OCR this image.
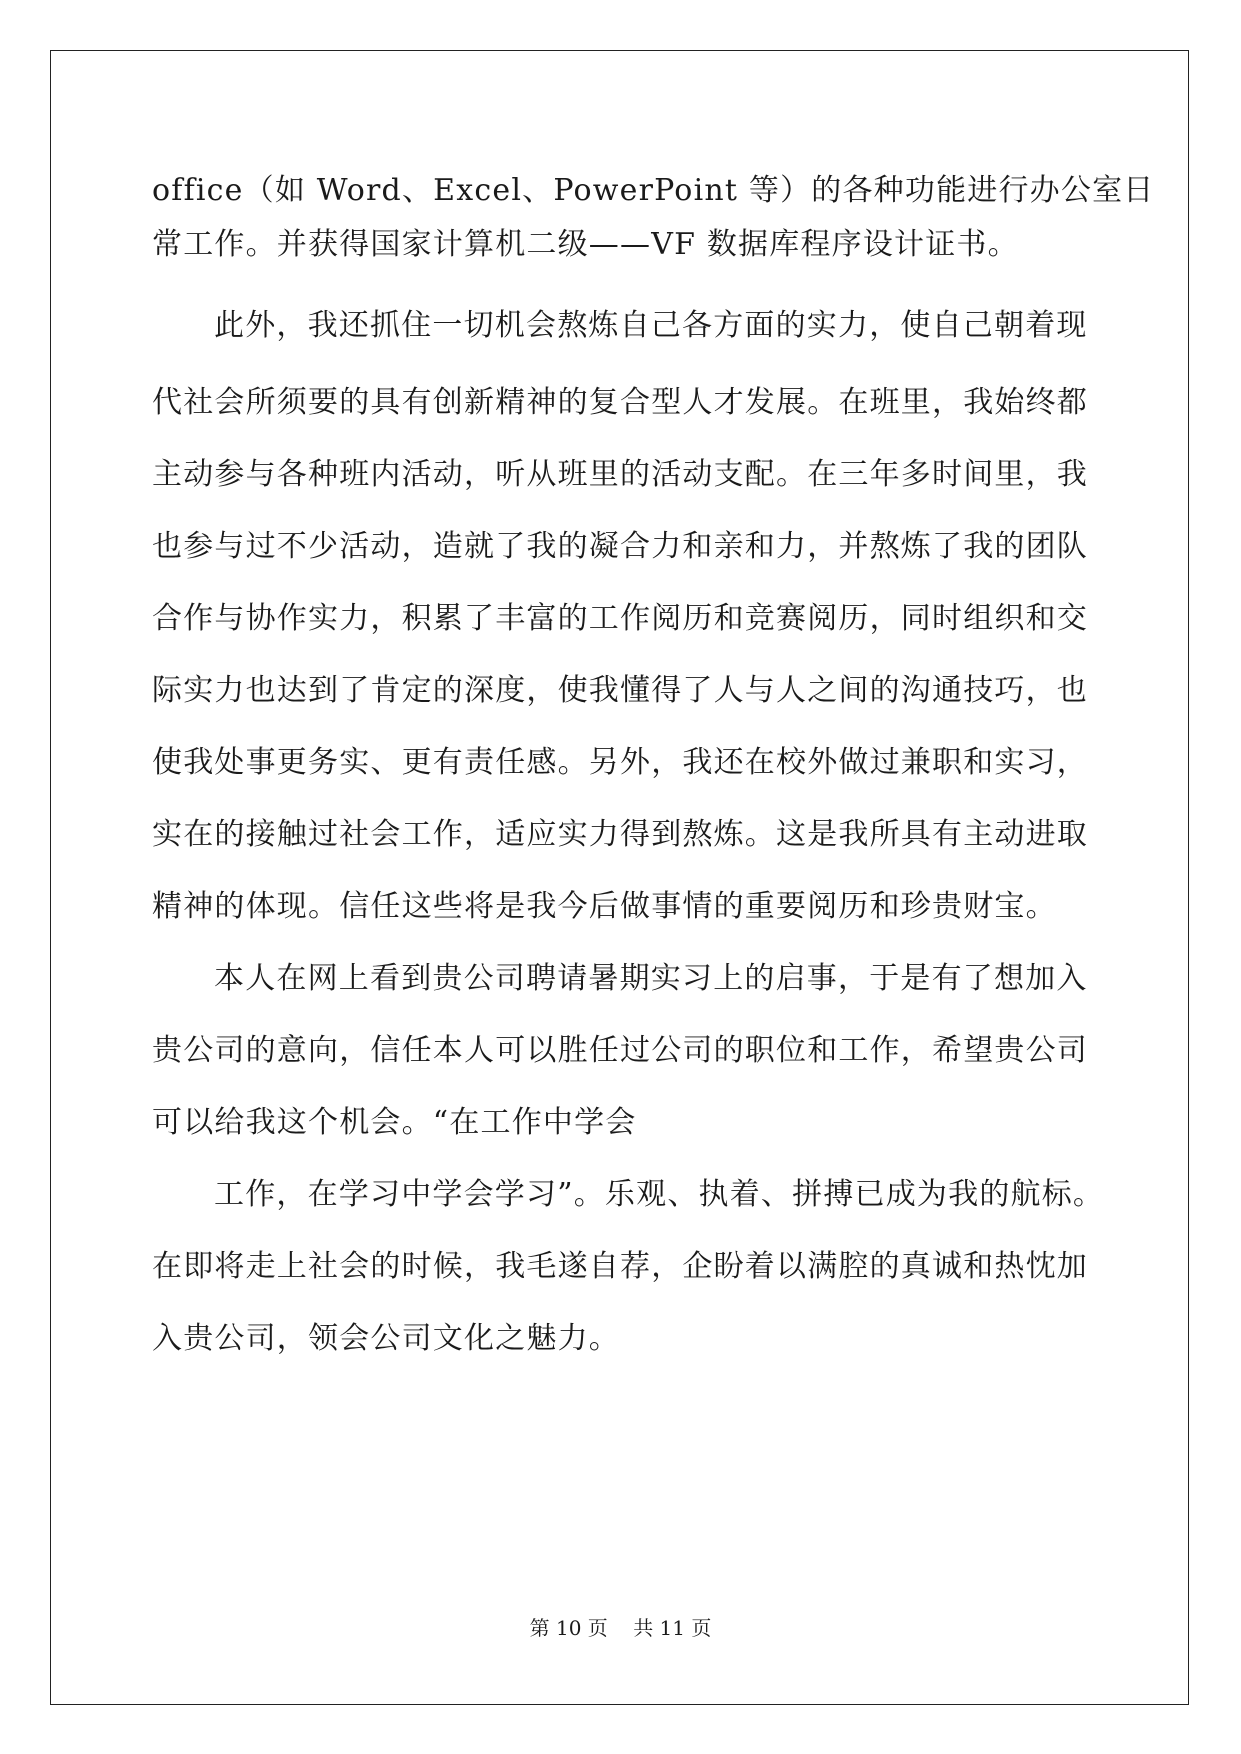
office（如 Word、Excel、PowerPoint 等）的各种功能进行办公室日
常工作。并获得国家计算机二级——VF 数据库程序设计证书。
此外，我还抓住一切机会熬炼自己各方面的实力，使自己朝着现
代社会所须要的具有创新精神的复合型人才发展。在班里，我始终都
主动参与各种班内活动，听从班里的活动支配。在三年多时间里，我
也参与过不少活动，造就了我的凝合力和亲和力，并熬炼了我的团队
合作与协作实力，积累了丰富的工作阅历和竞赛阅历，同时组织和交
际实力也达到了肯定的深度，使我懂得了人与人之间的沟通技巧，也
使我处事更务实、更有责任感。另外，我还在校外做过兼职和实习，
实在的接触过社会工作，适应实力得到熬炼。这是我所具有主动进取
精神的体现。信任这些将是我今后做事情的重要阅历和珍贵财宝。
本人在网上看到贵公司聘请暑期实习上的启事，于是有了想加入
贵公司的意向，信任本人可以胜任过公司的职位和工作，希望贵公司
可以给我这个机会。“在工作中学会
工作，在学习中学会学习”。乐观、执着、拼搏已成为我的航标。
在即将走上社会的时候，我毛遂自荐，企盼着以满腔的真诚和热忱加
入贵公司，领会公司文化之魅力。
第 10 页    共 11 页
